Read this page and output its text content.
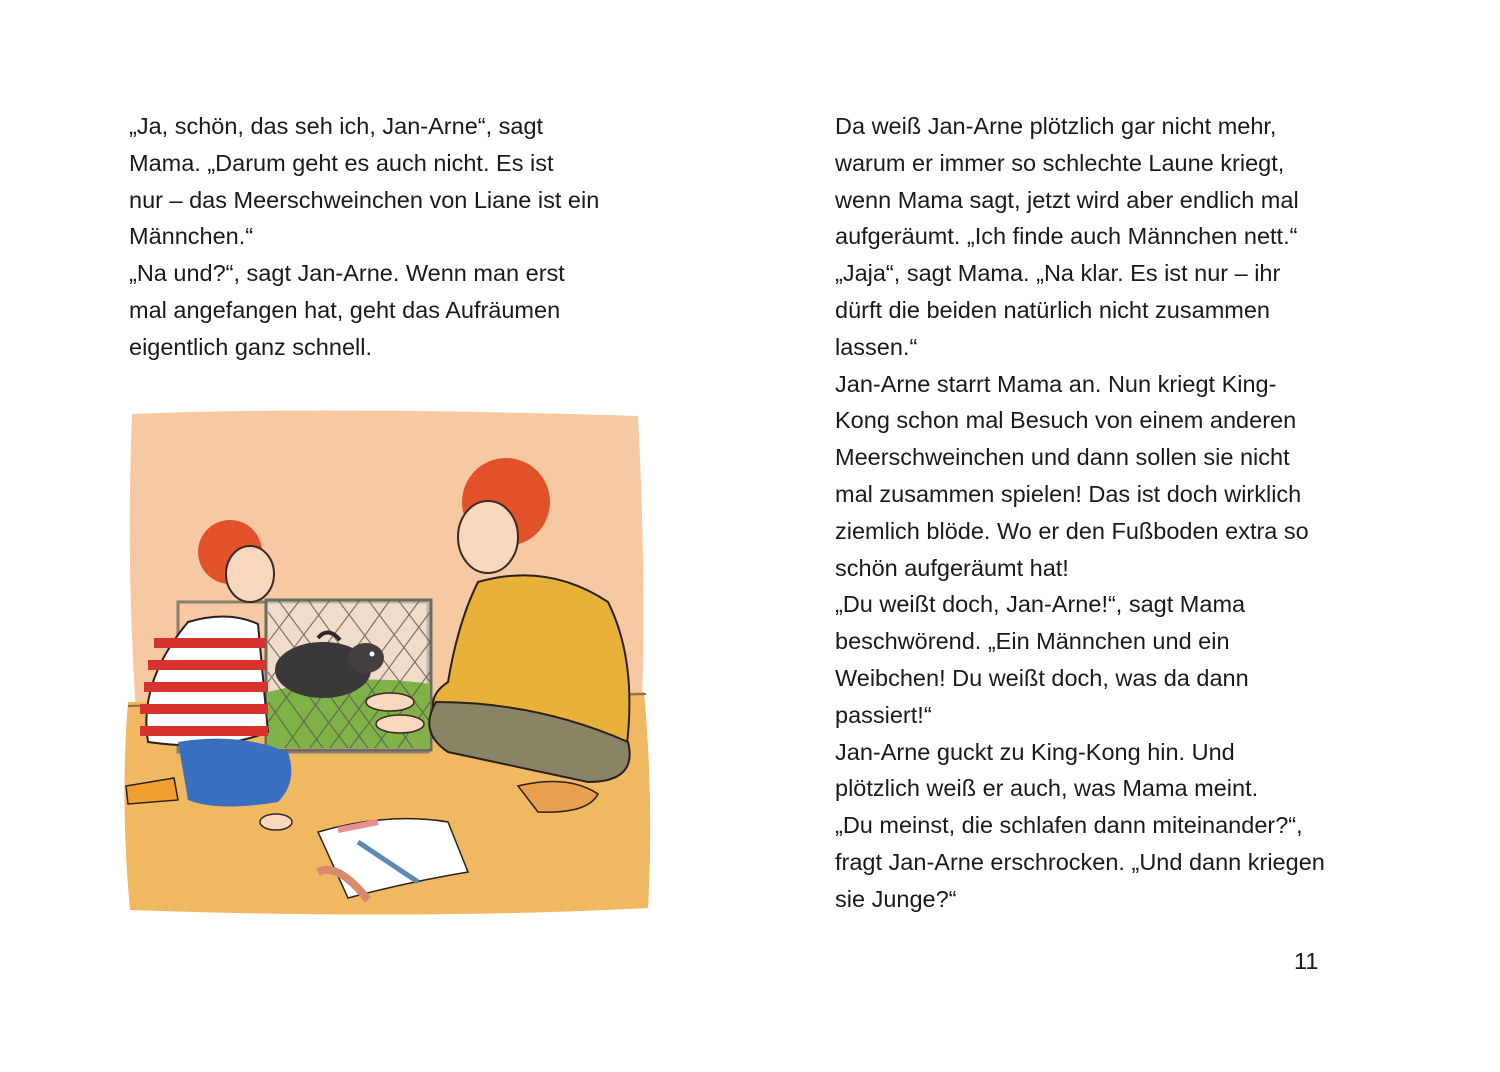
„Ja, schön, das seh ich, Jan-Arne“, sagt
Mama. „Darum geht es auch nicht. Es ist
nur – das Meerschweinchen von Liane ist ein
Männchen.“
„Na und?“, sagt Jan-Arne. Wenn man erst
mal angefangen hat, geht das Aufräumen
eigentlich ganz schnell.

Da weiß Jan-Arne plötzlich gar nicht mehr,
warum er immer so schlechte Laune kriegt,
wenn Mama sagt, jetzt wird aber endlich mal
aufgeräumt. „Ich finde auch Männchen nett.“
„Jaja“, sagt Mama. „Na klar. Es ist nur – ihr
dürft die beiden natürlich nicht zusammen
lassen.“
Jan-Arne starrt Mama an. Nun kriegt King-
Kong schon mal Besuch von einem anderen
Meerschweinchen und dann sollen sie nicht
mal zusammen spielen! Das ist doch wirklich
ziemlich blöde. Wo er den Fußboden extra so
schön aufgeräumt hat!
„Du weißt doch, Jan-Arne!“, sagt Mama
beschwörend. „Ein Männchen und ein
Weibchen! Du weißt doch, was da dann
passiert!“
Jan-Arne guckt zu King-Kong hin. Und
plötzlich weiß er auch, was Mama meint.
„Du meinst, die schlafen dann miteinander?“,
fragt Jan-Arne erschrocken. „Und dann kriegen
sie Junge?“

11
